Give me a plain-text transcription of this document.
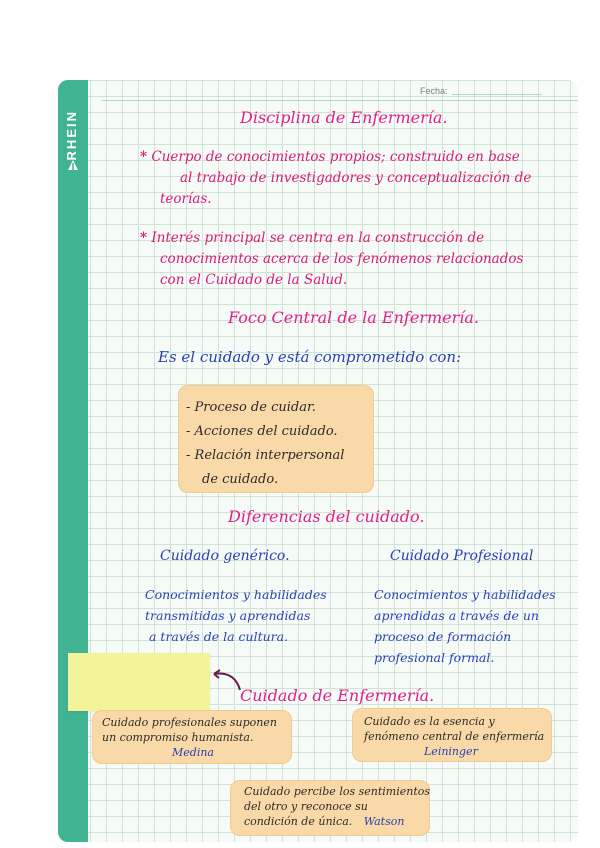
RHEIN
Fecha:
Disciplina de Enfermería.
* Cuerpo de conocimientos propios; construido en base
al trabajo de investigadores y conceptualización de
teorías.
* Interés principal se centra en la construcción de
conocimientos acerca de los fenómenos relacionados
con el Cuidado de la Salud.
Foco Central de la Enfermería.
Es el cuidado y está comprometido con:
- Proceso de cuidar.
- Acciones del cuidado.
- Relación interpersonal
de cuidado.
Diferencias del cuidado.
Cuidado genérico.
Conocimientos y habilidades
transmitidas y aprendidas
a través de la cultura.
Cuidado Profesional
Conocimientos y habilidades
aprendidas a través de un
proceso de formación
profesional formal.
Cuidado de Enfermería.
Cuidado profesionales suponen
un compromiso humanista.
Medina
Cuidado es la esencia y
fenómeno central de enfermería
Leininger
Cuidado percibe los sentimientos
del otro y reconoce su
condición de única. Watson
